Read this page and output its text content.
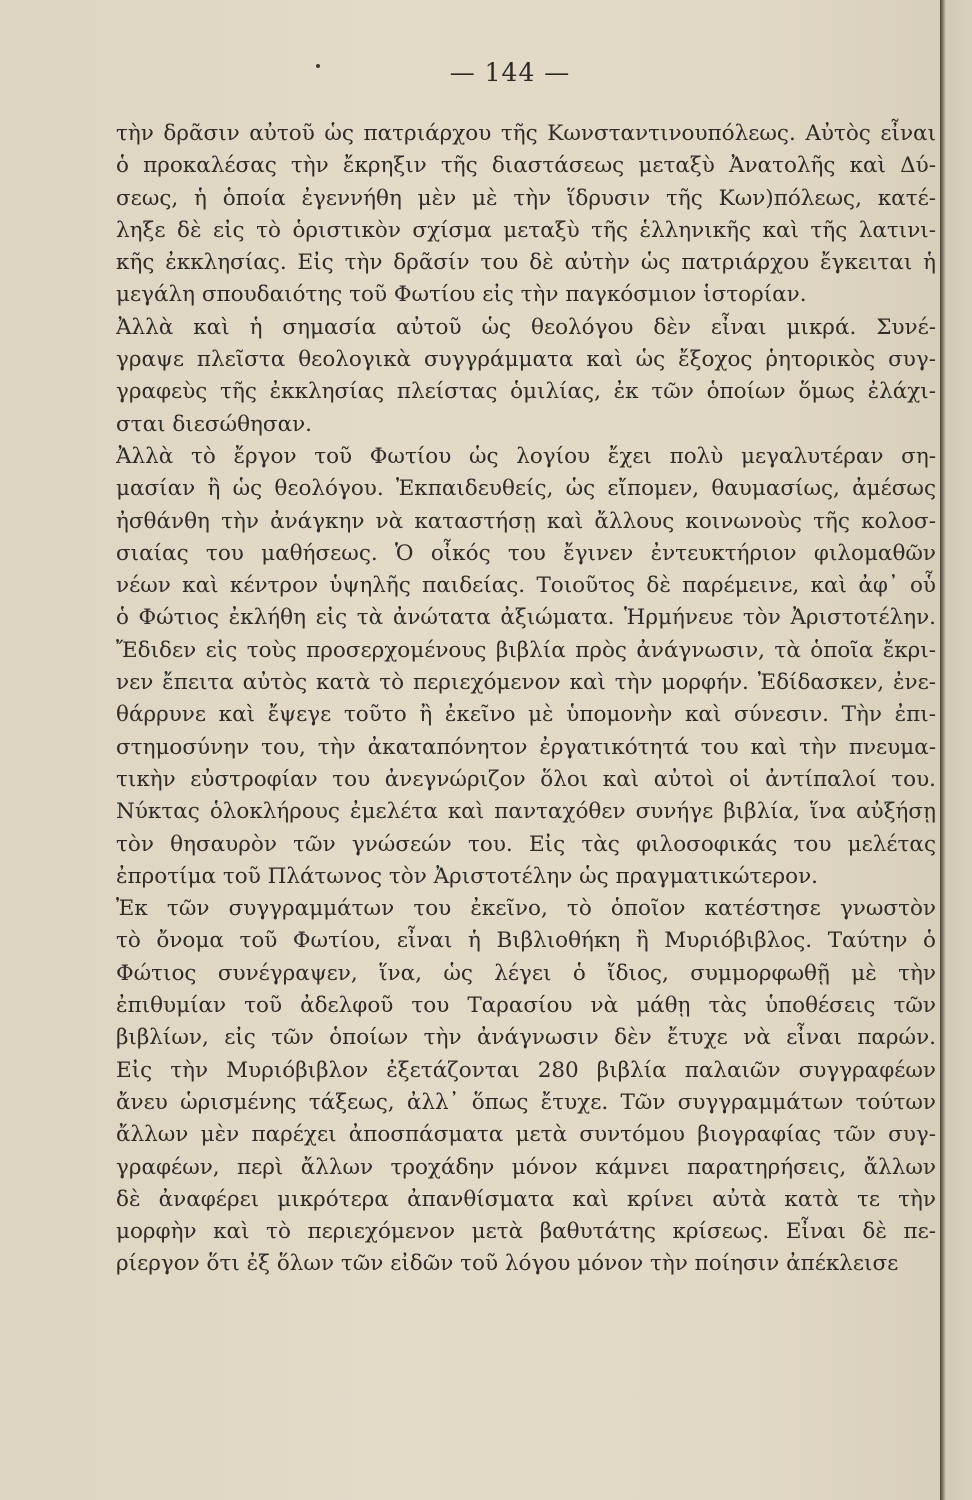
— 144 —
τὴν δρᾶσιν αὐτοῦ ὡς πατριάρχου τῆς Κωνσταντινουπόλεως. Αὐτὸς εἶναι
ὁ προκαλέσας τὴν ἔκρηξιν τῆς διαστάσεως μεταξὺ Ἀνατολῆς καὶ Δύ-
σεως, ἡ ὁποία ἐγεννήθη μὲν μὲ τὴν ἵδρυσιν τῆς Κων)πόλεως, κατέ-
ληξε δὲ εἰς τὸ ὁριστικὸν σχίσμα μεταξὺ τῆς ἑλληνικῆς καὶ τῆς λατινι-
κῆς ἐκκλησίας. Εἰς τὴν δρᾶσίν του δὲ αὐτὴν ὡς πατριάρχου ἔγκειται ἡ
μεγάλη σπουδαιότης τοῦ Φωτίου εἰς τὴν παγκόσμιον ἱστορίαν.
Ἀλλὰ καὶ ἡ σημασία αὐτοῦ ὡς θεολόγου δὲν εἶναι μικρά. Συνέ-
γραψε πλεῖστα θεολογικὰ συγγράμματα καὶ ὡς ἔξοχος ῥητορικὸς συγ-
γραφεὺς τῆς ἐκκλησίας πλείστας ὁμιλίας, ἐκ τῶν ὁποίων ὅμως ἐλάχι-
σται διεσώθησαν.
Ἀλλὰ τὸ ἔργον τοῦ Φωτίου ὡς λογίου ἔχει πολὺ μεγαλυτέραν ση-
μασίαν ἢ ὡς θεολόγου. Ἐκπαιδευθείς, ὡς εἴπομεν, θαυμασίως, ἀμέσως
ἠσθάνθη τὴν ἀνάγκην νὰ καταστήσῃ καὶ ἄλλους κοινωνοὺς τῆς κολοσ-
σιαίας του μαθήσεως. Ὁ οἶκός του ἔγινεν ἐντευκτήριον φιλομαθῶν
νέων καὶ κέντρον ὑψηλῆς παιδείας. Τοιοῦτος δὲ παρέμεινε, καὶ ἀφ᾿ οὗ
ὁ Φώτιος ἐκλήθη εἰς τὰ ἀνώτατα ἀξιώματα. Ἡρμήνευε τὸν Ἀριστοτέλην.
Ἔδιδεν εἰς τοὺς προσερχομένους βιβλία πρὸς ἀνάγνωσιν, τὰ ὁποῖα ἔκρι-
νεν ἔπειτα αὐτὸς κατὰ τὸ περιεχόμενον καὶ τὴν μορφήν. Ἐδίδασκεν, ἐνε-
θάρρυνε καὶ ἔψεγε τοῦτο ἢ ἐκεῖνο μὲ ὑπομονὴν καὶ σύνεσιν. Τὴν ἐπι-
στημοσύνην του, τὴν ἀκαταπόνητον ἐργατικότητά του καὶ τὴν πνευμα-
τικὴν εὐστροφίαν του ἀνεγνώριζον ὅλοι καὶ αὐτοὶ οἱ ἀντίπαλοί του.
Νύκτας ὁλοκλήρους ἐμελέτα καὶ πανταχόθεν συνήγε βιβλία, ἵνα αὐξήσῃ
τὸν θησαυρὸν τῶν γνώσεών του. Εἰς τὰς φιλοσοφικάς του μελέτας
ἐπροτίμα τοῦ Πλάτωνος τὸν Ἀριστοτέλην ὡς πραγματικώτερον.
Ἐκ τῶν συγγραμμάτων του ἐκεῖνο, τὸ ὁποῖον κατέστησε γνωστὸν
τὸ ὄνομα τοῦ Φωτίου, εἶναι ἡ Βιβλιοθήκη ἢ Μυριόβιβλος. Ταύτην ὁ
Φώτιος συνέγραψεν, ἵνα, ὡς λέγει ὁ ἴδιος, συμμορφωθῇ μὲ τὴν
ἐπιθυμίαν τοῦ ἀδελφοῦ του Ταρασίου νὰ μάθῃ τὰς ὑποθέσεις τῶν
βιβλίων, εἰς τῶν ὁποίων τὴν ἀνάγνωσιν δὲν ἔτυχε νὰ εἶναι παρών.
Εἰς τὴν Μυριόβιβλον ἐξετάζονται 280 βιβλία παλαιῶν συγγραφέων
ἄνευ ὡρισμένης τάξεως, ἀλλ᾿ ὅπως ἔτυχε. Τῶν συγγραμμάτων τούτων
ἄλλων μὲν παρέχει ἀποσπάσματα μετὰ συντόμου βιογραφίας τῶν συγ-
γραφέων, περὶ ἄλλων τροχάδην μόνον κάμνει παρατηρήσεις, ἄλλων
δὲ ἀναφέρει μικρότερα ἀπανθίσματα καὶ κρίνει αὐτὰ κατὰ τε τὴν
μορφὴν καὶ τὸ περιεχόμενον μετὰ βαθυτάτης κρίσεως. Εἶναι δὲ πε-
ρίεργον ὅτι ἐξ ὅλων τῶν εἰδῶν τοῦ λόγου μόνον τὴν ποίησιν ἀπέκλεισε
